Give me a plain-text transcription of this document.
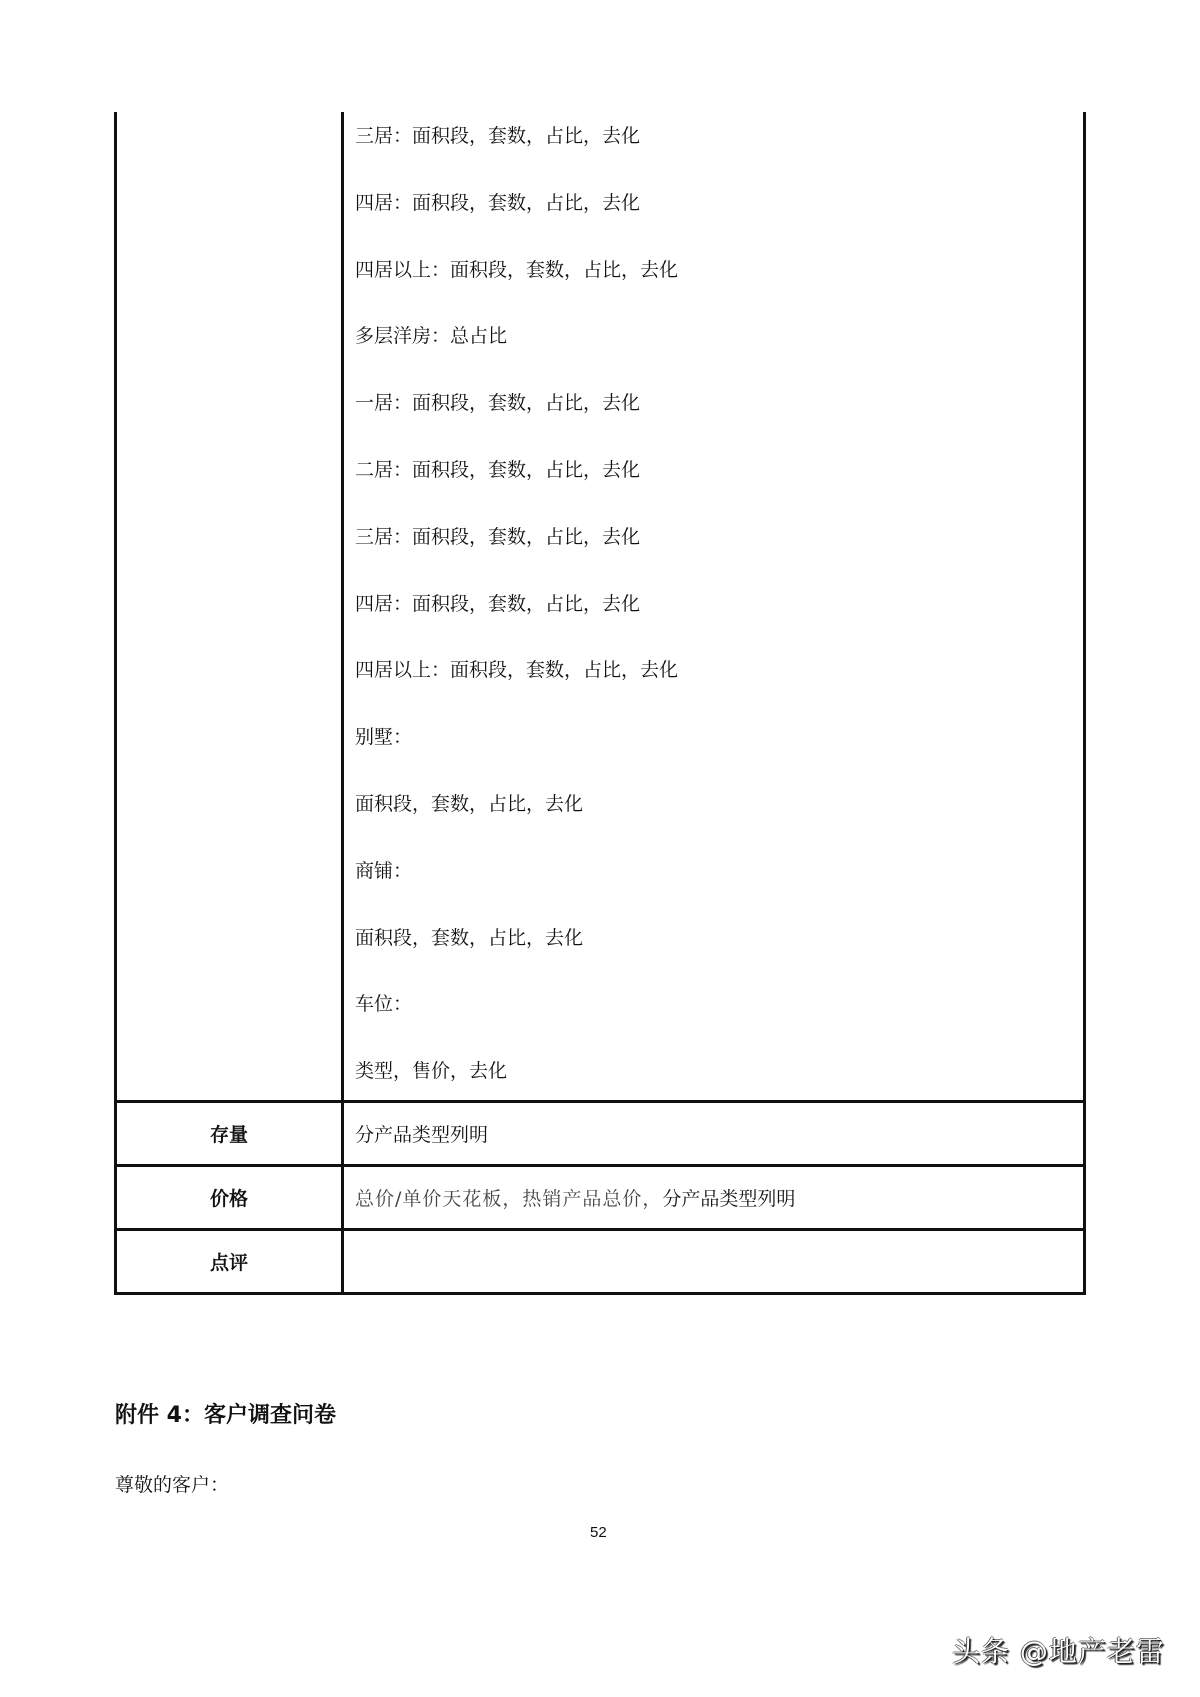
三居：面积段，套数，占比，去化
四居：面积段，套数，占比，去化
四居以上：面积段，套数，占比，去化
多层洋房：总占比
一居：面积段，套数，占比，去化
二居：面积段，套数，占比，去化
三居：面积段，套数，占比，去化
四居：面积段，套数，占比，去化
四居以上：面积段，套数，占比，去化
别墅：
面积段，套数，占比，去化
商铺：
面积段，套数，占比，去化
车位：
类型，售价，去化
存量	分产品类型列明
价格	总价/单价天花板，热销产品总价， 分产品类型列明
点评
附件 4：客户调查问卷
尊敬的客户：
52
头条 @地产老雷
